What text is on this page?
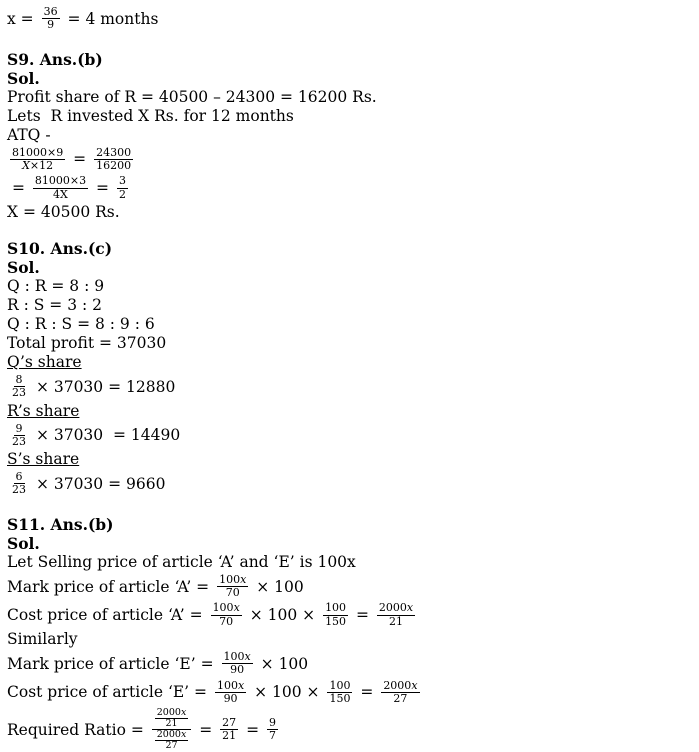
$x = \frac{36}{9} = 4$ months
S9. Ans.(b)
Sol.
Profit share of R = 40500 – 24300 = 16200 Rs.
Lets  R invested X Rs. for 12 months
ATQ -
$\frac{81000\times 9}{X \times 12} = \frac{24300}{16200}$
= $\frac{81000\times 3}{4X} = \frac{3}{2}$
X = 40500 Rs.
S10. Ans.(c)
Sol.
Q : R = 8 : 9
R : S = 3 : 2
Q : R : S = 8 : 9 : 6
Total profit = 37030
Q’s share
$\frac{8}{23} \times 37030 = 12880$
R’s share
$\frac{9}{23} \times 37030 = 14490$
S’s share
$\frac{6}{23} \times 37030 = 9660$
S11. Ans.(b)
Sol.
Let Selling price of article ‘A’ and ‘E’ is 100x
Mark price of article ‘A’ = $\frac{100 x}{70} \times 100$
Cost price of article ‘A’ = $\frac{100 x}{70} \times 100 \times \frac{100}{150} = \frac{2000 x}{21}$
Similarly
Mark price of article ‘E’ = $\frac{100 x}{90} \times 100$
Cost price of article ‘E’ = $\frac{100 x}{90} \times 100 \times \frac{100}{150} = \frac{2000 x}{27}$
Required Ratio = $\frac{\frac{2000 x}{21}}{\frac{2000 x}{27}} = \frac{27}{21} = \frac{9}{7}$
